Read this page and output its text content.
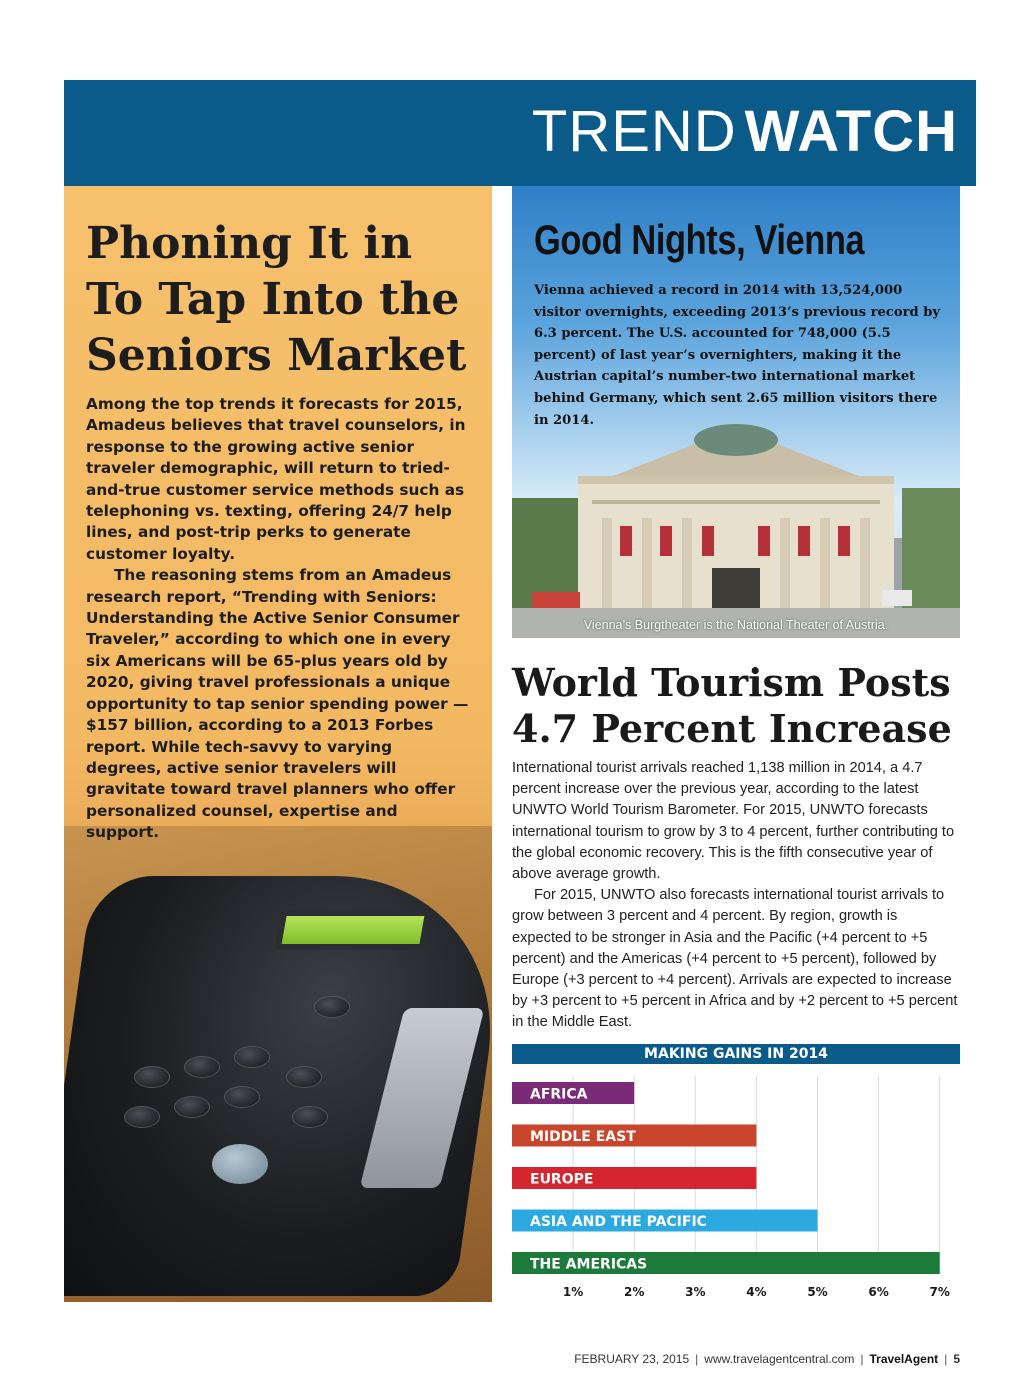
TREND WATCH
Phoning It in To Tap Into the Seniors Market

Among the top trends it forecasts for 2015, Amadeus believes that travel counselors, in response to the growing active senior traveler demographic, will return to tried-and-true customer service methods such as telephoning vs. texting, offering 24/7 help lines, and post-trip perks to generate customer loyalty.

The reasoning stems from an Amadeus research report, “Trending with Seniors: Understanding the Active Senior Consumer Traveler,” according to which one in every six Americans will be 65-plus years old by 2020, giving travel professionals a unique opportunity to tap senior spending power — $157 billion, according to a 2013 Forbes report. While tech-savvy to varying degrees, active senior travelers will gravitate toward travel planners who offer personalized counsel, expertise and support.

Good Nights, Vienna
Vienna achieved a record in 2014 with 13,524,000 visitor overnights, exceeding 2013’s previous record by 6.3 percent. The U.S. accounted for 748,000 (5.5 percent) of last year’s overnighters, making it the Austrian capital’s number-two international market behind Germany, which sent 2.65 million visitors there in 2014.
Vienna’s Burgtheater is the National Theater of Austria.
World Tourism Posts 4.7 Percent Increase

International tourist arrivals reached 1,138 million in 2014, a 4.7 percent increase over the previous year, according to the latest UNWTO World Tourism Barometer. For 2015, UNWTO forecasts international tourism to grow by 3 to 4 percent, further contributing to the global economic recovery. This is the fifth consecutive year of above average growth.

For 2015, UNWTO also forecasts international tourist arrivals to grow between 3 percent and 4 percent. By region, growth is expected to be stronger in Asia and the Pacific (+4 percent to +5 percent) and the Americas (+4 percent to +5 percent), followed by Europe (+3 percent to +4 percent). Arrivals are expected to increase by +3 percent to +5 percent in Africa and by +2 percent to +5 percent in the Middle East.

MAKING GAINS IN 2014
AFRICA
MIDDLE EAST
EUROPE
ASIA AND THE PACIFIC
THE AMERICAS
1%	2%	3%	4%	5%	6%	7%
FEBRUARY 23, 2015 | www.travelagentcentral.com | TravelAgent | 5
